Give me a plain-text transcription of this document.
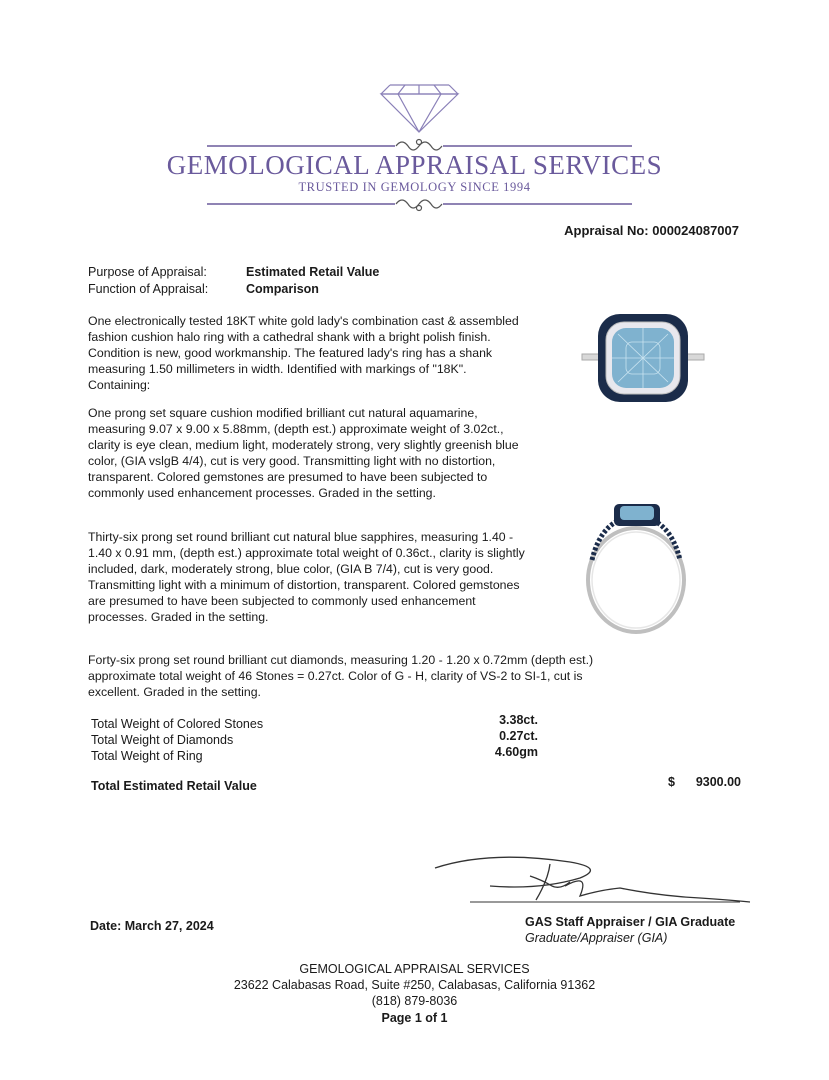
GEMOLOGICAL APPRAISAL SERVICES
TRUSTED IN GEMOLOGY SINCE 1994
Appraisal No: 000024087007
Purpose of Appraisal:	Estimated Retail Value
Function of Appraisal:	Comparison

One electronically tested 18KT white gold lady's combination cast & assembled fashion cushion halo ring with a cathedral shank with a bright polish finish. Condition is new, good workmanship. The featured lady's ring has a shank measuring 1.50 millimeters in width. Identified with markings of "18K". Containing:

One prong set square cushion modified brilliant cut natural aquamarine, measuring 9.07 x 9.00 x 5.88mm, (depth est.) approximate weight of 3.02ct., clarity is eye clean, medium light, moderately strong, very slightly greenish blue color, (GIA vslgB 4/4), cut is very good. Transmitting light with no distortion, transparent. Colored gemstones are presumed to have been subjected to commonly used enhancement processes. Graded in the setting.

Thirty-six prong set round brilliant cut natural blue sapphires, measuring 1.40 - 1.40 x 0.91 mm, (depth est.) approximate total weight of 0.36ct., clarity is slightly included, dark, moderately strong, blue color, (GIA B 7/4), cut is very good. Transmitting light with a minimum of distortion, transparent. Colored gemstones are presumed to have been subjected to commonly used enhancement processes. Graded in the setting.

Forty-six prong set round brilliant cut diamonds, measuring 1.20 - 1.20 x 0.72mm (depth est.) approximate total weight of 46 Stones = 0.27ct. Color of G - H, clarity of VS-2 to SI-1, cut is excellent. Graded in the setting.

Total Weight of Colored Stones	3.38ct.
Total Weight of Diamonds	0.27ct.
Total Weight of Ring	4.60gm
Total Estimated Retail Value	$ 9300.00
Date: March 27, 2024	GAS Staff Appraiser / GIA Graduate
Graduate/Appraiser (GIA)
GEMOLOGICAL APPRAISAL SERVICES
23622 Calabasas Road, Suite #250, Calabasas, California 91362
(818) 879-8036
Page 1 of 1
